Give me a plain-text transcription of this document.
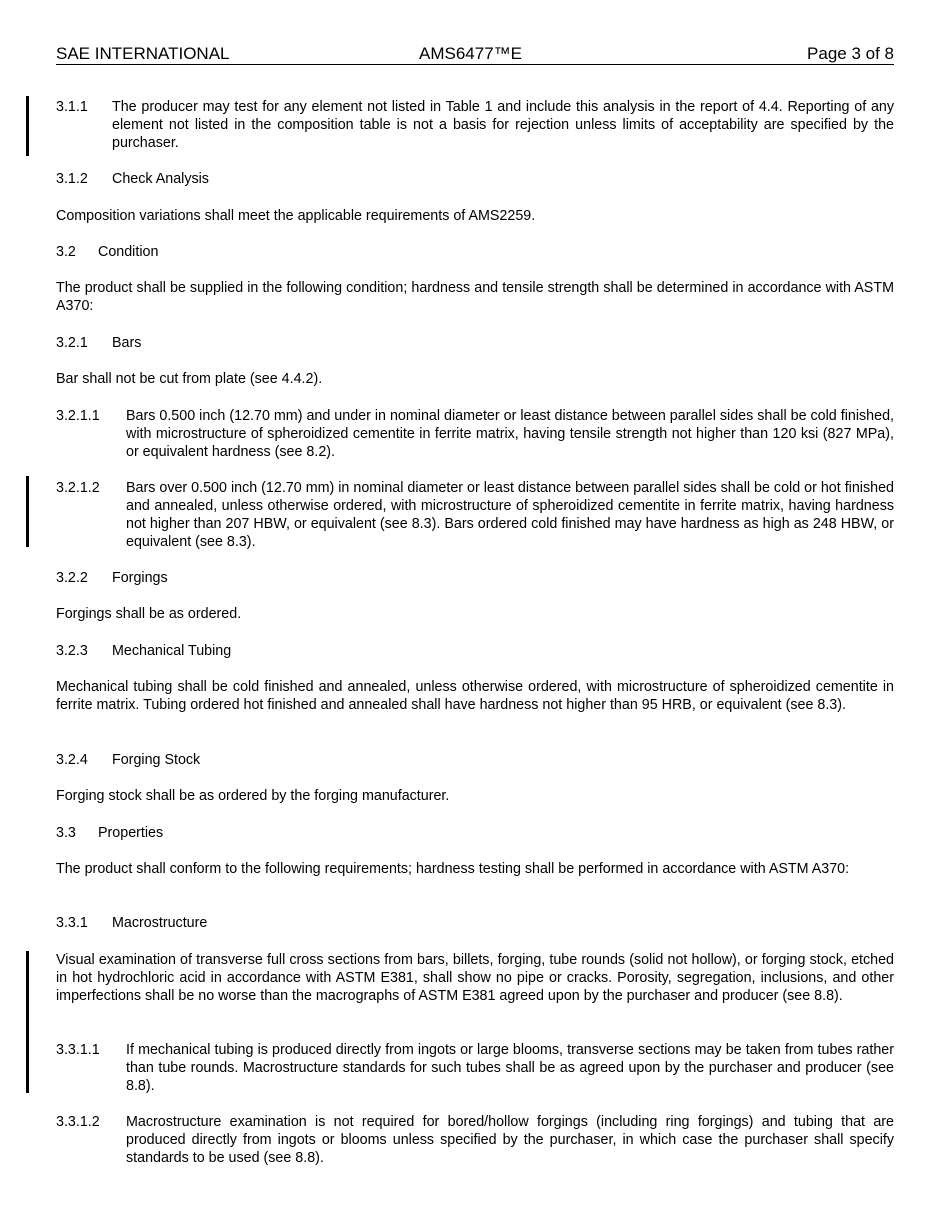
SAE INTERNATIONAL	AMS6477™E	Page 3 of 8
3.1.1	The producer may test for any element not listed in Table 1 and include this analysis in the report of 4.4. Reporting of any element not listed in the composition table is not a basis for rejection unless limits of acceptability are specified by the purchaser.
3.1.2 Check Analysis
Composition variations shall meet the applicable requirements of AMS2259.
3.2 Condition
The product shall be supplied in the following condition; hardness and tensile strength shall be determined in accordance with ASTM A370:
3.2.1 Bars
Bar shall not be cut from plate (see 4.4.2).
3.2.1.1	Bars 0.500 inch (12.70 mm) and under in nominal diameter or least distance between parallel sides shall be cold finished, with microstructure of spheroidized cementite in ferrite matrix, having tensile strength not higher than 120 ksi (827 MPa), or equivalent hardness (see 8.2).
3.2.1.2	Bars over 0.500 inch (12.70 mm) in nominal diameter or least distance between parallel sides shall be cold or hot finished and annealed, unless otherwise ordered, with microstructure of spheroidized cementite in ferrite matrix, having hardness not higher than 207 HBW, or equivalent (see 8.3). Bars ordered cold finished may have hardness as high as 248 HBW, or equivalent (see 8.3).
3.2.2 Forgings
Forgings shall be as ordered.
3.2.3 Mechanical Tubing
Mechanical tubing shall be cold finished and annealed, unless otherwise ordered, with microstructure of spheroidized cementite in ferrite matrix. Tubing ordered hot finished and annealed shall have hardness not higher than 95 HRB, or equivalent (see 8.3).
3.2.4 Forging Stock
Forging stock shall be as ordered by the forging manufacturer.
3.3 Properties
The product shall conform to the following requirements; hardness testing shall be performed in accordance with ASTM A370:
3.3.1 Macrostructure
Visual examination of transverse full cross sections from bars, billets, forging, tube rounds (solid not hollow), or forging stock, etched in hot hydrochloric acid in accordance with ASTM E381, shall show no pipe or cracks. Porosity, segregation, inclusions, and other imperfections shall be no worse than the macrographs of ASTM E381 agreed upon by the purchaser and producer (see 8.8).
3.3.1.1	If mechanical tubing is produced directly from ingots or large blooms, transverse sections may be taken from tubes rather than tube rounds. Macrostructure standards for such tubes shall be as agreed upon by the purchaser and producer (see 8.8).
3.3.1.2	Macrostructure examination is not required for bored/hollow forgings (including ring forgings) and tubing that are produced directly from ingots or blooms unless specified by the purchaser, in which case the purchaser shall specify standards to be used (see 8.8).
